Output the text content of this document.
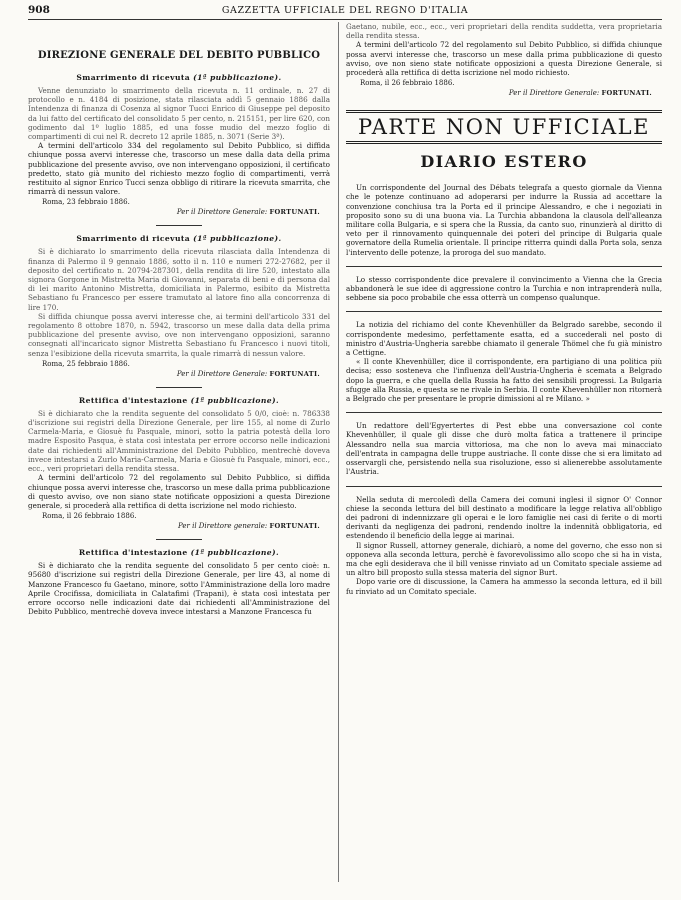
908	GAZZETTA UFFICIALE DEL REGNO D'ITALIA
DIREZIONE GENERALE DEL DEBITO PUBBLICO
Smarrimento di ricevuta (1ª pubblicazione).

Venne denunziato lo smarrimento della ricevuta n. 11 ordinale, n. 27 di protocollo e n. 4184 di posizione, stata rilasciata addì 5 gennaio 1886 dalla Intendenza di finanza di Cosenza al signor Tucci Enrico di Giuseppe pel deposito da lui fatto del certificato del consolidato 5 per cento, n. 215151, per lire 620, con godimento dal 1º luglio 1885, ed una fosse mudio del mezzo foglio di compartimenti di cui nel R. decreto 12 aprile 1885, n. 3071 (Serie 3ª).

A termini dell'articolo 334 del regolamento sul Debito Pubblico, si diffida chiunque possa avervi interesse che, trascorso un mese dalla data della prima pubblicazione del presente avviso, ove non intervengano opposizioni, il certificato predetto, stato già munito del richiesto mezzo foglio di compartimenti, verrà restituito al signor Enrico Tucci senza obbligo di ritirare la ricevuta smarrita, che rimarrà di nessun valore.

Roma, 23 febbraio 1886.
Per il Direttore Generale: FORTUNATI.
Smarrimento di ricevuta (1ª pubblicazione).

Si è dichiarato lo smarrimento della ricevuta rilasciata dalla Intendenza di finanza di Palermo il 9 gennaio 1886, sotto il n. 110 e numeri 272-27682, per il deposito del certificato n. 20794-287301, della rendita di lire 520, intestato alla signora Gorgone in Mistretta Maria di Giovanni, separata di beni e di persona dal di lei marito Antonino Mistretta, domiciliata in Palermo, esibito da Mistretta Sebastiano fu Francesco per essere tramutato al latore fino alla concorrenza di lire 170.

Si diffida chiunque possa avervi interesse che, ai termini dell'articolo 331 del regolamento 8 ottobre 1870, n. 5942, trascorso un mese dalla data della prima pubblicazione del presente avviso, ove non intervengano opposizioni, saranno consegnati all'incaricato signor Mistretta Sebastiano fu Francesco i nuovi titoli, senza l'esibizione della ricevuta smarrita, la quale rimarrà di nessun valore.

Roma, 25 febbraio 1886.
Per il Direttore Generale: FORTUNATI.
Rettifica d'intestazione (1ª pubblicazione).

Si è dichiarato che la rendita seguente del consolidato 5 0/0, cioè: n. 786338 d'iscrizione sui registri della Direzione Generale, per lire 155, al nome di Zurlo Carmela-Maria, e Giosuè fu Pasquale, minori, sotto la patria potestà della loro madre Esposito Pasqua, è stata così intestata per errore occorso nelle indicazioni date dai richiedenti all'Amministrazione del Debito Pubblico, mentrechè doveva invece intestarsi a Zurlo Maria-Carmela, Maria e Giosuè fu Pasquale, minori, ecc., ecc., veri proprietari della rendita stessa.

A termini dell'articolo 72 del regolamento sul Debito Pubblico, si diffida chiunque possa avervi interesse che, trascorso un mese dalla prima pubblicazione di questo avviso, ove non siano state notificate opposizioni a questa Direzione generale, si procederà alla rettifica di detta iscrizione nel modo richiesto.

Roma, il 26 febbraio 1886.
Per il Direttore generale: FORTUNATI.
Rettifica d'intestazione (1ª pubblicazione).

Si è dichiarato che la rendita seguente del consolidato 5 per cento cioè: n. 95680 d'iscrizione sui registri della Direzione Generale, per lire 43, al nome di Manzone Francesco fu Gaetano, minore, sotto l'Amministrazione della loro madre Aprile Crocifissa, domiciliata in Calatafimi (Trapani), è stata così intestata per errore occorso nelle indicazioni date dai richiedenti all'Amministrazione del Debito Pubblico, mentrechè doveva invece intestarsi a Manzone Francesca fu

Gaetano, nubile, ecc., ecc., veri proprietari della rendita suddetta, vera proprietaria della rendita stessa.

A termini dell'articolo 72 del regolamento sul Debito Pubblico, si diffida chiunque possa avervi interesse che, trascorso un mese dalla prima pubblicazione di questo avviso, ove non sieno state notificate opposizioni a questa Direzione Generale, si procederà alla rettifica di detta iscrizione nel modo richiesto.

Roma, il 26 febbraio 1886.
Per il Direttore Generale: FORTUNATI.
PARTE NON UFFICIALE
DIARIO ESTERO

Un corrispondente del Journal des Débats telegrafa a questo giornale da Vienna che le potenze continuano ad adoperarsi per indurre la Russia ad accettare la convenzione conchiusa tra la Porta ed il principe Alessandro, e che i negoziati in proposito sono su di una buona via. La Turchia abbandona la clausola dell'alleanza militare colla Bulgaria, e si spera che la Russia, da canto suo, rinunzierà al diritto di veto per il rinnovamento quinquennale dei poteri del principe di Bulgaria quale governatore della Rumelia orientale. Il principe ritterra quindi dalla Porta sola, senza l'intervento delle potenze, la proroga del suo mandato.

Lo stesso corrispondente dice prevalere il convincimento a Vienna che la Grecia abbandonerà le sue idee di aggressione contro la Turchia e non intraprenderà nulla, sebbene sia poco probabile che essa otterrà un compenso qualunque.

La notizia del richiamo del conte Khevenhüller da Belgrado sarebbe, secondo il corrispondente medesimo, perfettamente esatta, ed a succederali nel posto di ministro d'Austria-Ungheria sarebbe chiamato il generale Thömel che fu già ministro a Cettigne.

« Il conte Khevenhüller, dice il corrispondente, era partigiano di una politica più decisa; esso sosteneva che l'influenza dell'Austria-Ungheria è scemata a Belgrado dopo la guerra, e che quella della Russia ha fatto dei sensibili progressi. La Bulgaria sfugge alla Russia, e questa se ne rivale in Serbia. Il conte Khevenhüller non ritornerà a Belgrado che per presentare le proprie dimissioni al re Milano. »

Un redattore dell'Egyertertes di Pest ebbe una conversazione col conte Khevenhüller, il quale gli disse che durò molta fatica a trattenere il principe Alessandro nella sua marcia vittoriosa, ma che non lo aveva mai minacciato dell'entrata in campagna delle truppe austriache. Il conte disse che si era limitato ad osservargli che, persistendo nella sua risoluzione, esso si alienerebbe assolutamente l'Austria.

Nella seduta di mercoledì della Camera dei comuni inglesi il signor O' Connor chiese la seconda lettura del bill destinato a modificare la legge relativa all'obbligo dei padroni di indennizzare gli operai e le loro famiglie nei casi di ferite o di morti derivanti da negligenza dei padroni, rendendo inoltre la indennità obbligatoria, ed estendendo il beneficio della legge ai marinai.

Il signor Russell, attorney generale, dichiarò, a nome del governo, che esso non si opponeva alla seconda lettura, perchè è favorevolissimo allo scopo che si ha in vista, ma che egli desiderava che il bill venisse rinviato ad un Comitato speciale assieme ad un altro bill proposto sulla stessa materia del signor Burt.

Dopo varie ore di discussione, la Camera ha ammesso la seconda lettura, ed il bill fu rinviato ad un Comitato speciale.
